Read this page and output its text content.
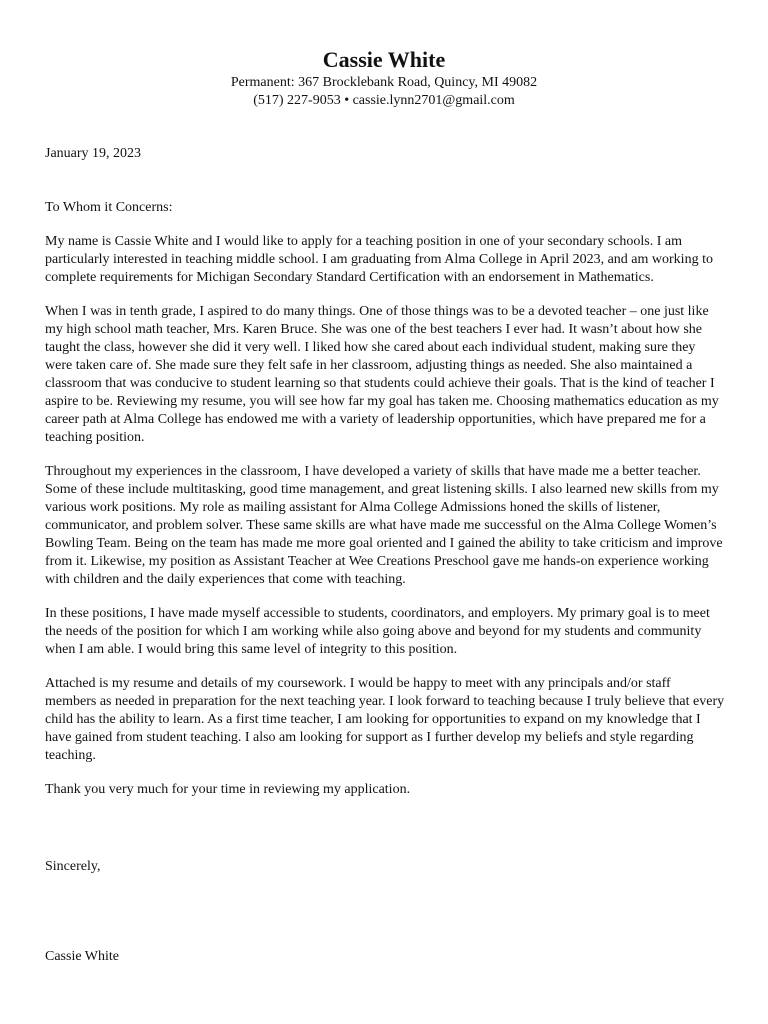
Cassie White
Permanent: 367 Brocklebank Road, Quincy, MI 49082
(517) 227-9053 • cassie.lynn2701@gmail.com
January 19, 2023
To Whom it Concerns:

My name is Cassie White and I would like to apply for a teaching position in one of your secondary schools. I am particularly interested in teaching middle school. I am graduating from Alma College in April 2023, and am working to complete requirements for Michigan Secondary Standard Certification with an endorsement in Mathematics.

When I was in tenth grade, I aspired to do many things. One of those things was to be a devoted teacher – one just like my high school math teacher, Mrs. Karen Bruce. She was one of the best teachers I ever had. It wasn’t about how she taught the class, however she did it very well. I liked how she cared about each individual student, making sure they were taken care of. She made sure they felt safe in her classroom, adjusting things as needed. She also maintained a classroom that was conducive to student learning so that students could achieve their goals. That is the kind of teacher I aspire to be. Reviewing my resume, you will see how far my goal has taken me. Choosing mathematics education as my career path at Alma College has endowed me with a variety of leadership opportunities, which have prepared me for a teaching position.

Throughout my experiences in the classroom, I have developed a variety of skills that have made me a better teacher. Some of these include multitasking, good time management, and great listening skills. I also learned new skills from my various work positions. My role as mailing assistant for Alma College Admissions honed the skills of listener, communicator, and problem solver. These same skills are what have made me successful on the Alma College Women’s Bowling Team. Being on the team has made me more goal oriented and I gained the ability to take criticism and improve from it. Likewise, my position as Assistant Teacher at Wee Creations Preschool gave me hands-on experience working with children and the daily experiences that come with teaching.

In these positions, I have made myself accessible to students, coordinators, and employers. My primary goal is to meet the needs of the position for which I am working while also going above and beyond for my students and community when I am able. I would bring this same level of integrity to this position.

Attached is my resume and details of my coursework. I would be happy to meet with any principals and/or staff members as needed in preparation for the next teaching year. I look forward to teaching because I truly believe that every child has the ability to learn. As a first time teacher, I am looking for opportunities to expand on my knowledge that I have gained from student teaching. I also am looking for support as I further develop my beliefs and style regarding teaching.

Thank you very much for your time in reviewing my application.

Sincerely,
Cassie White
